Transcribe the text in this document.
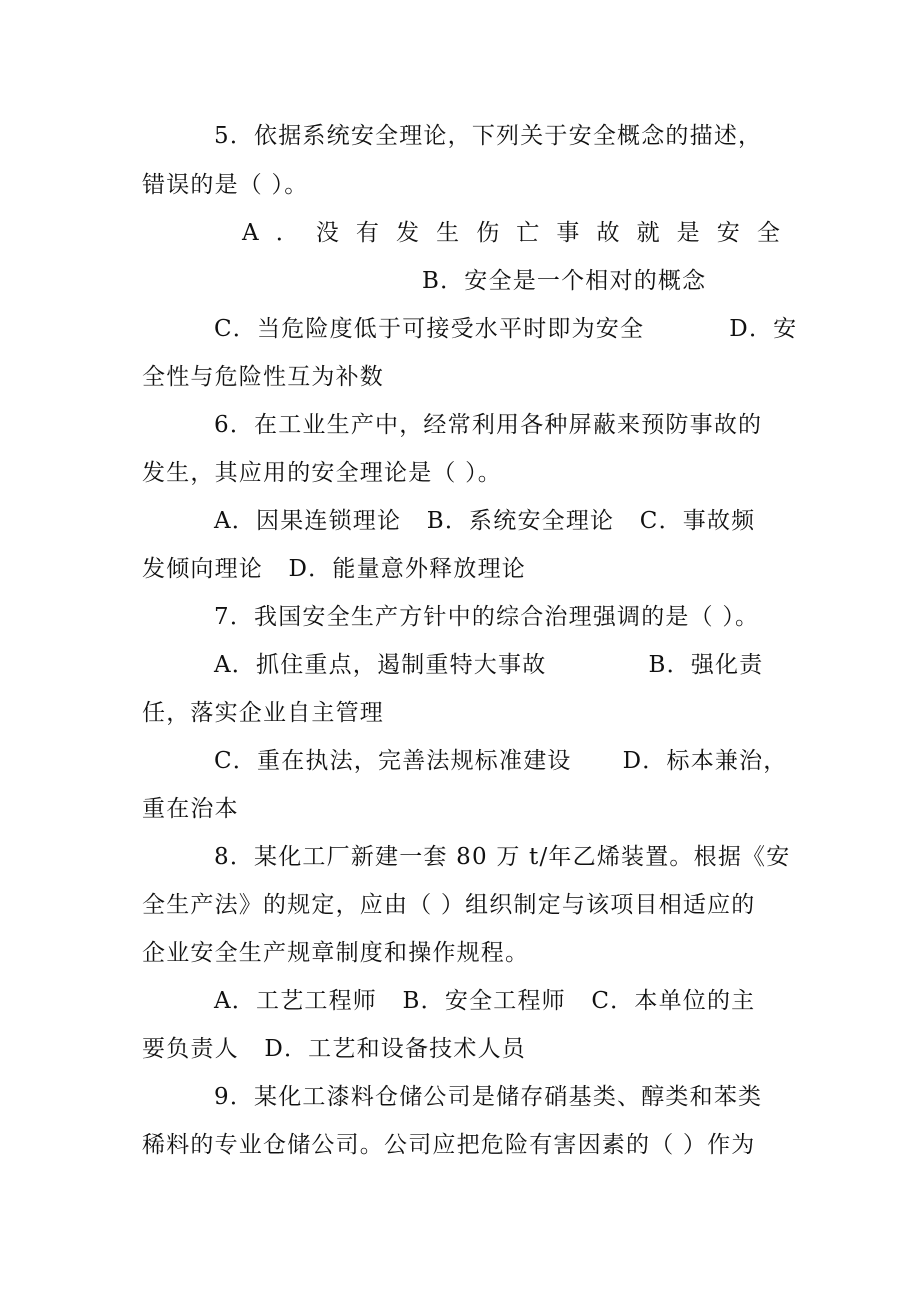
5．依据系统安全理论，下列关于安全概念的描述，
错误的是（ ）。
A ． 没 有 发 生 伤 亡 事 故 就 是 安 全
B．安全是一个相对的概念
C．当危险度低于可接受水平时即为安全          D．安
全性与危险性互为补数
6．在工业生产中，经常利用各种屏蔽来预防事故的
发生，其应用的安全理论是（ ）。
A．因果连锁理论   B．系统安全理论   C．事故频
发倾向理论   D．能量意外释放理论
7．我国安全生产方针中的综合治理强调的是（ ）。
A．抓住重点，遏制重特大事故            B．强化责
任，落实企业自主管理
C．重在执法，完善法规标准建设      D．标本兼治，
重在治本
8．某化工厂新建一套 80 万 t/年乙烯装置。根据《安
全生产法》的规定，应由（ ）组织制定与该项目相适应的
企业安全生产规章制度和操作规程。
A．工艺工程师   B．安全工程师   C．本单位的主
要负责人   D．工艺和设备技术人员
9．某化工漆料仓储公司是储存硝基类、醇类和苯类
稀料的专业仓储公司。公司应把危险有害因素的（ ）作为
